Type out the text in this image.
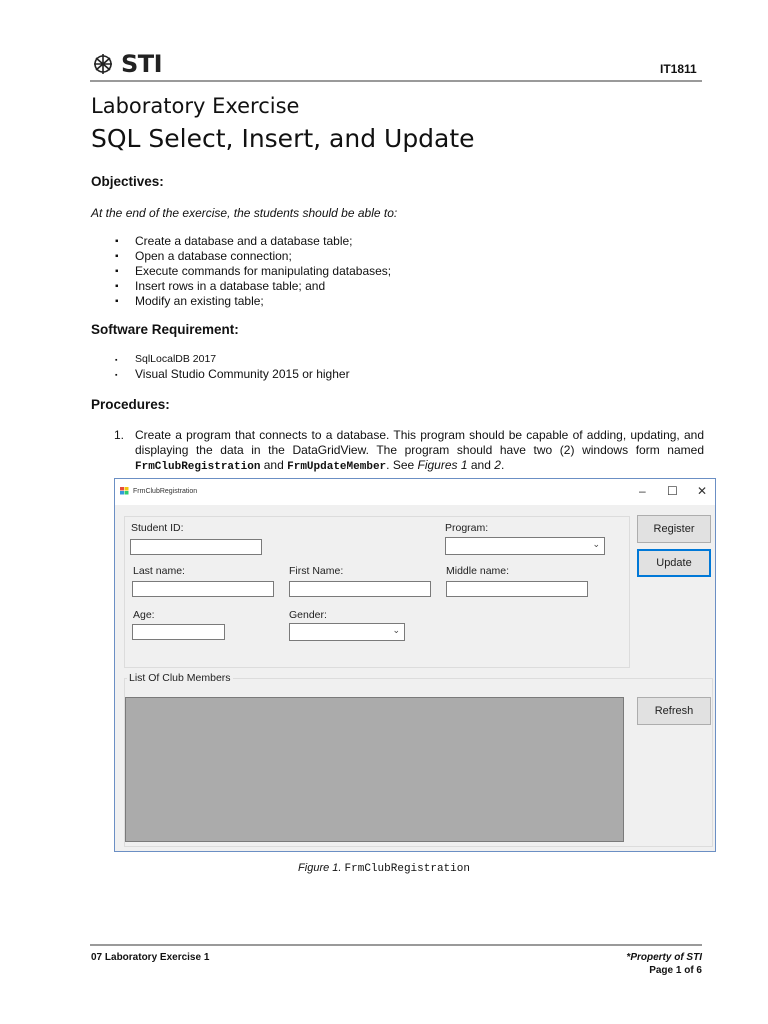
STI	IT1811
Laboratory Exercise
SQL Select, Insert, and Update
Objectives:
At the end of the exercise, the students should be able to:
▪ Create a database and a database table;
▪ Open a database connection;
▪ Execute commands for manipulating databases;
▪ Insert rows in a database table; and
▪ Modify an existing table;
Software Requirement:
▪ SqlLocalDB 2017
▪ Visual Studio Community 2015 or higher
Procedures:
1. Create a program that connects to a database. This program should be capable of adding, updating, and displaying the data in the DataGridView. The program should have two (2) windows form named FrmClubRegistration and FrmUpdateMember. See Figures 1 and 2.
FrmClubRegistration	– ☐ ✕
Student ID:	Program:
⌄
Last name:	First Name:	Middle name:
Age:	Gender:
⌄
Register
Update
List Of Club Members
Refresh
Figure 1. FrmClubRegistration
07 Laboratory Exercise 1	*Property of STI
Page 1 of 6
